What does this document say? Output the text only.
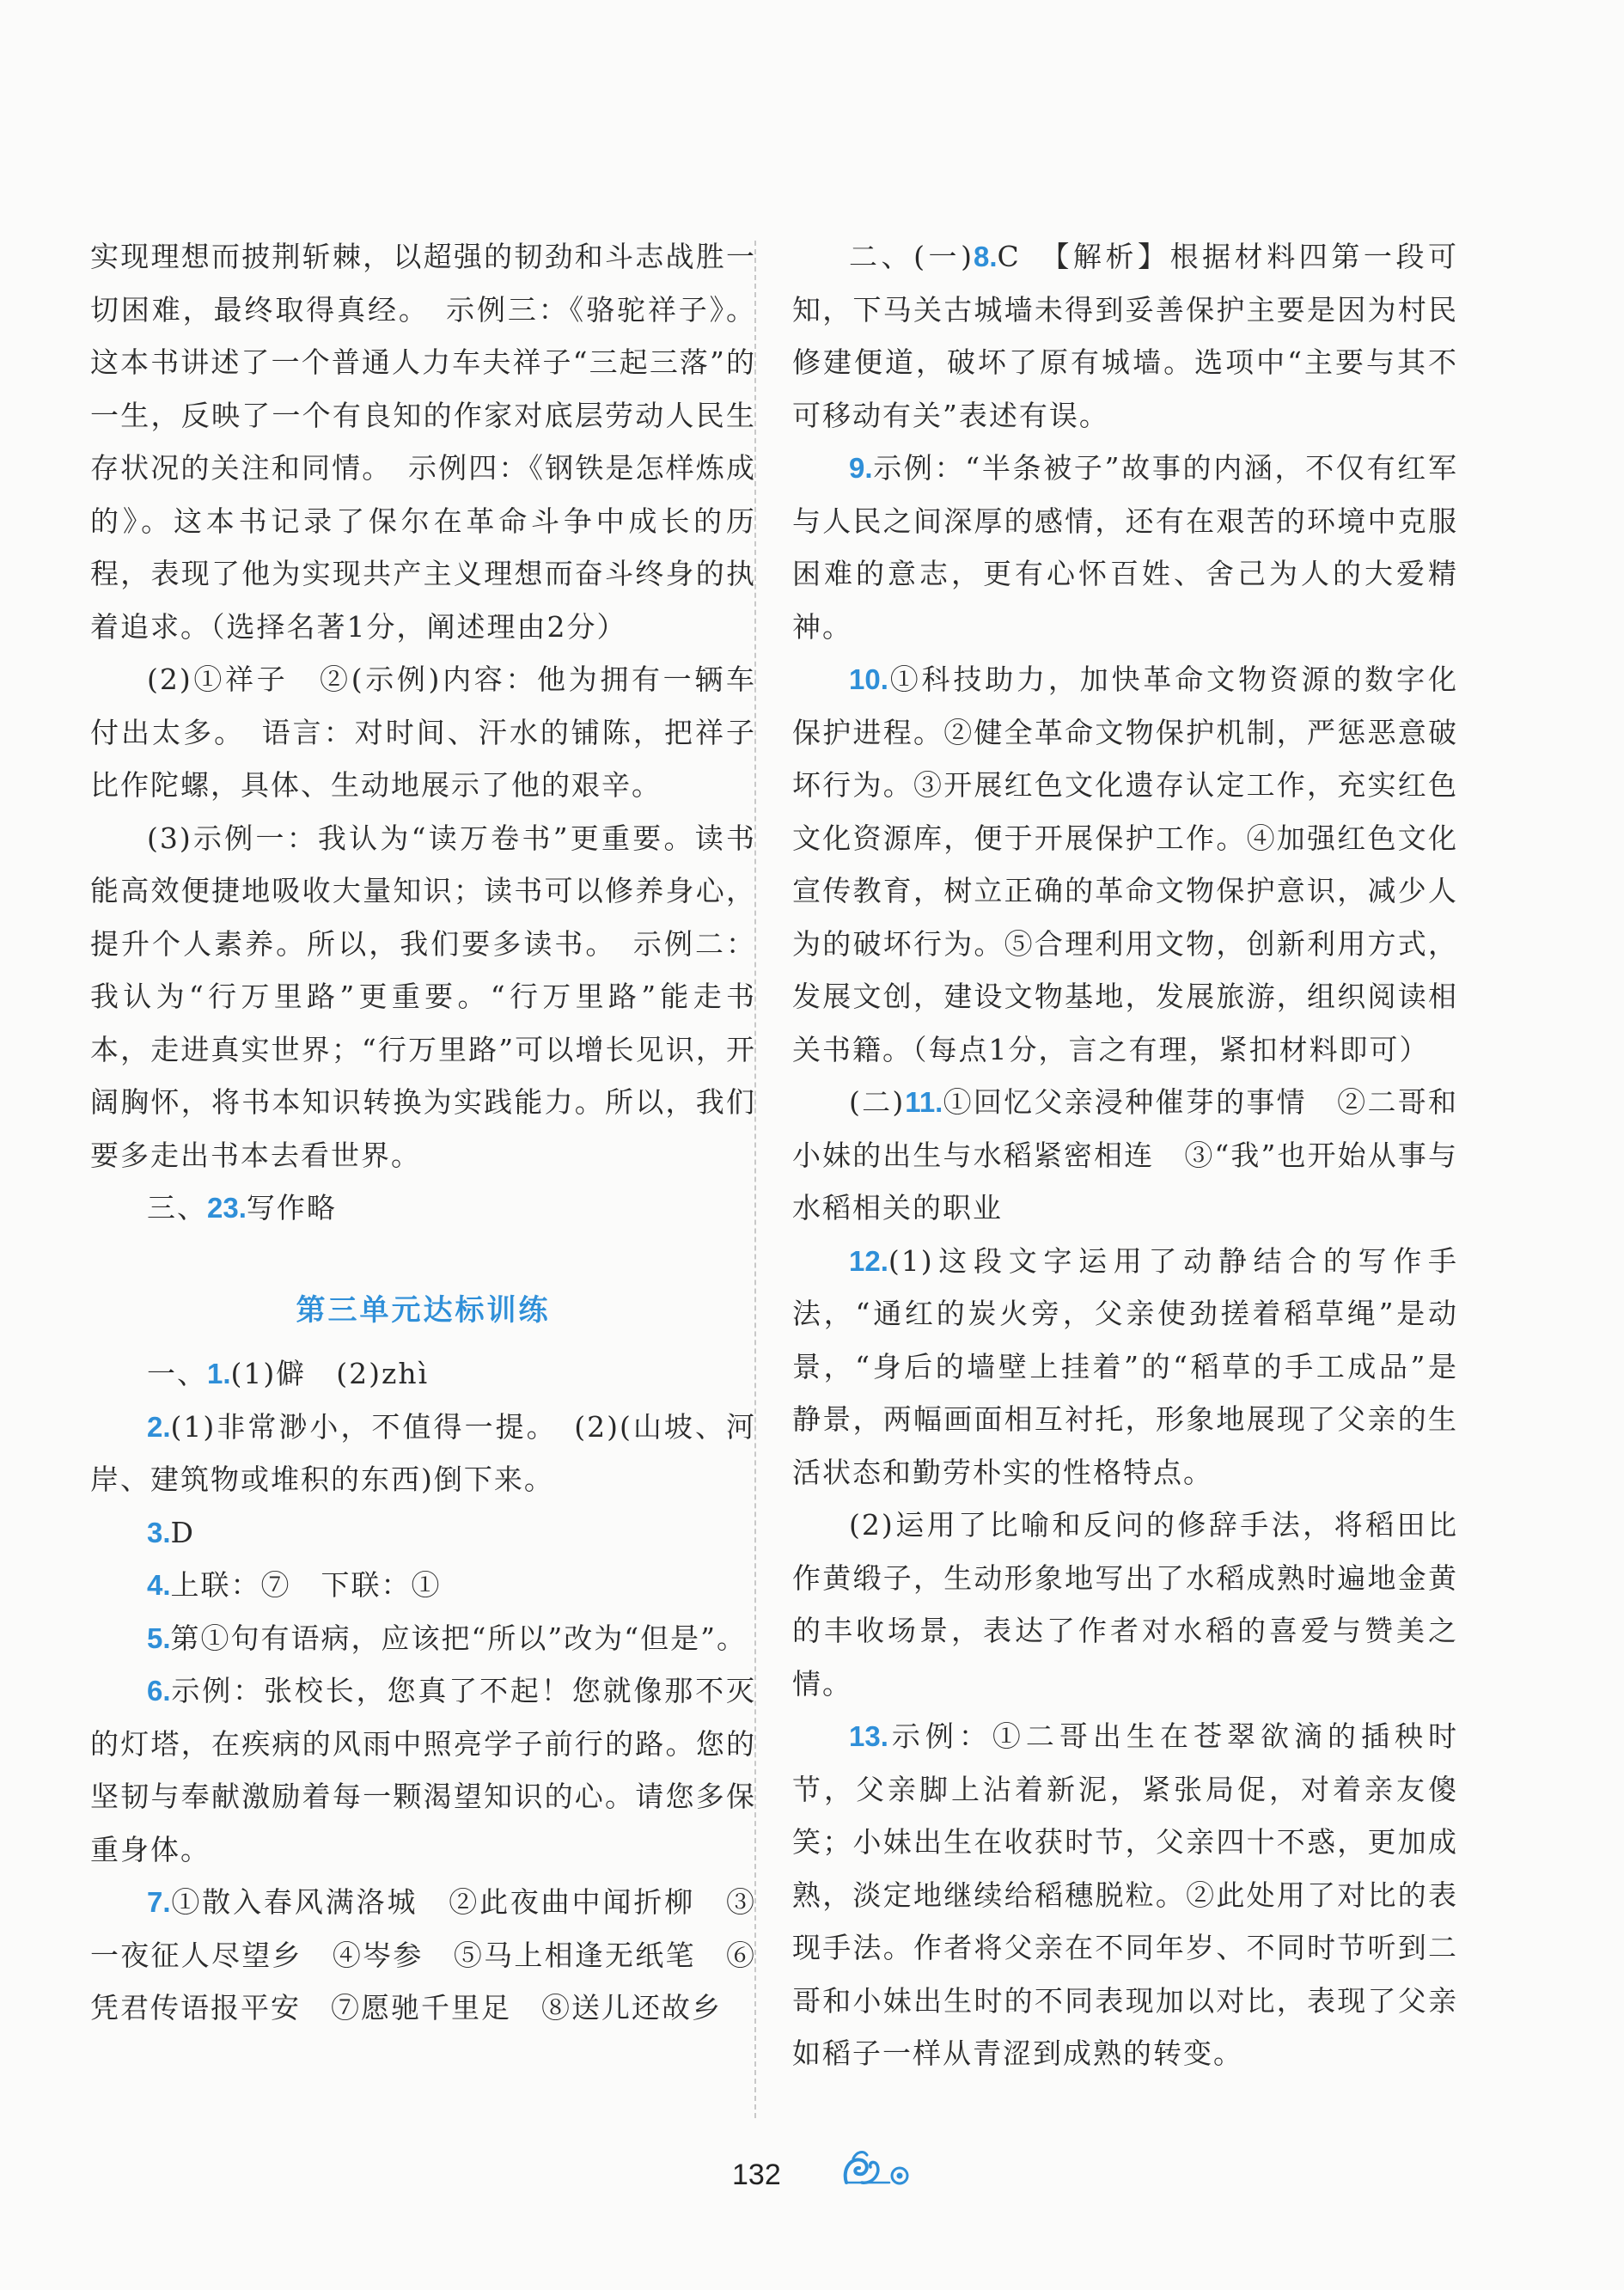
实现理想而披荆斩棘，以超强的韧劲和斗志战胜一切困难，最终取得真经。　示例三：《骆驼祥子》。这本书讲述了一个普通人力车夫祥子“三起三落”的一生，反映了一个有良知的作家对底层劳动人民生存状况的关注和同情。　示例四：《钢铁是怎样炼成的》。这本书记录了保尔在革命斗争中成长的历程，表现了他为实现共产主义理想而奋斗终身的执着追求。（选择名著1分，阐述理由2分）

(2)①祥子　②(示例)内容：他为拥有一辆车付出太多。　语言：对时间、汗水的铺陈，把祥子比作陀螺，具体、生动地展示了他的艰辛。

(3)示例一：我认为“读万卷书”更重要。读书能高效便捷地吸收大量知识；读书可以修养身心，提升个人素养。所以，我们要多读书。　示例二：我认为“行万里路”更重要。“行万里路”能走书本，走进真实世界；“行万里路”可以增长见识，开阔胸怀，将书本知识转换为实践能力。所以，我们要多走出书本去看世界。

三、23.写作略

第三单元达标训练

一、1.(1)僻　(2)zhì

2.(1)非常渺小，不值得一提。　(2)(山坡、河岸、建筑物或堆积的东西)倒下来。

3.D

4.上联：⑦　下联：①

5.第①句有语病，应该把“所以”改为“但是”。

6.示例：张校长，您真了不起！您就像那不灭的灯塔，在疾病的风雨中照亮学子前行的路。您的坚韧与奉献激励着每一颗渴望知识的心。请您多保重身体。

7.①散入春风满洛城　②此夜曲中闻折柳　③一夜征人尽望乡　④岑参　⑤马上相逢无纸笔　⑥凭君传语报平安　⑦愿驰千里足　⑧送儿还故乡

二、(一)8.C　【解析】根据材料四第一段可知，下马关古城墙未得到妥善保护主要是因为村民修建便道，破坏了原有城墙。选项中“主要与其不可移动有关”表述有误。

9.示例：“半条被子”故事的内涵，不仅有红军与人民之间深厚的感情，还有在艰苦的环境中克服困难的意志，更有心怀百姓、舍己为人的大爱精神。

10.①科技助力，加快革命文物资源的数字化保护进程。②健全革命文物保护机制，严惩恶意破坏行为。③开展红色文化遗存认定工作，充实红色文化资源库，便于开展保护工作。④加强红色文化宣传教育，树立正确的革命文物保护意识，减少人为的破坏行为。⑤合理利用文物，创新利用方式，发展文创，建设文物基地，发展旅游，组织阅读相关书籍。（每点1分，言之有理，紧扣材料即可）

(二)11.①回忆父亲浸种催芽的事情　②二哥和小妹的出生与水稻紧密相连　③“我”也开始从事与水稻相关的职业

12.(1)这段文字运用了动静结合的写作手法，“通红的炭火旁，父亲使劲搓着稻草绳”是动景，“身后的墙壁上挂着”的“稻草的手工成品”是静景，两幅画面相互衬托，形象地展现了父亲的生活状态和勤劳朴实的性格特点。

(2)运用了比喻和反问的修辞手法，将稻田比作黄缎子，生动形象地写出了水稻成熟时遍地金黄的丰收场景，表达了作者对水稻的喜爱与赞美之情。

13.示例：①二哥出生在苍翠欲滴的插秧时节，父亲脚上沾着新泥，紧张局促，对着亲友傻笑；小妹出生在收获时节，父亲四十不惑，更加成熟，淡定地继续给稻穗脱粒。②此处用了对比的表现手法。作者将父亲在不同年岁、不同时节听到二哥和小妹出生时的不同表现加以对比，表现了父亲如稻子一样从青涩到成熟的转变。

132
